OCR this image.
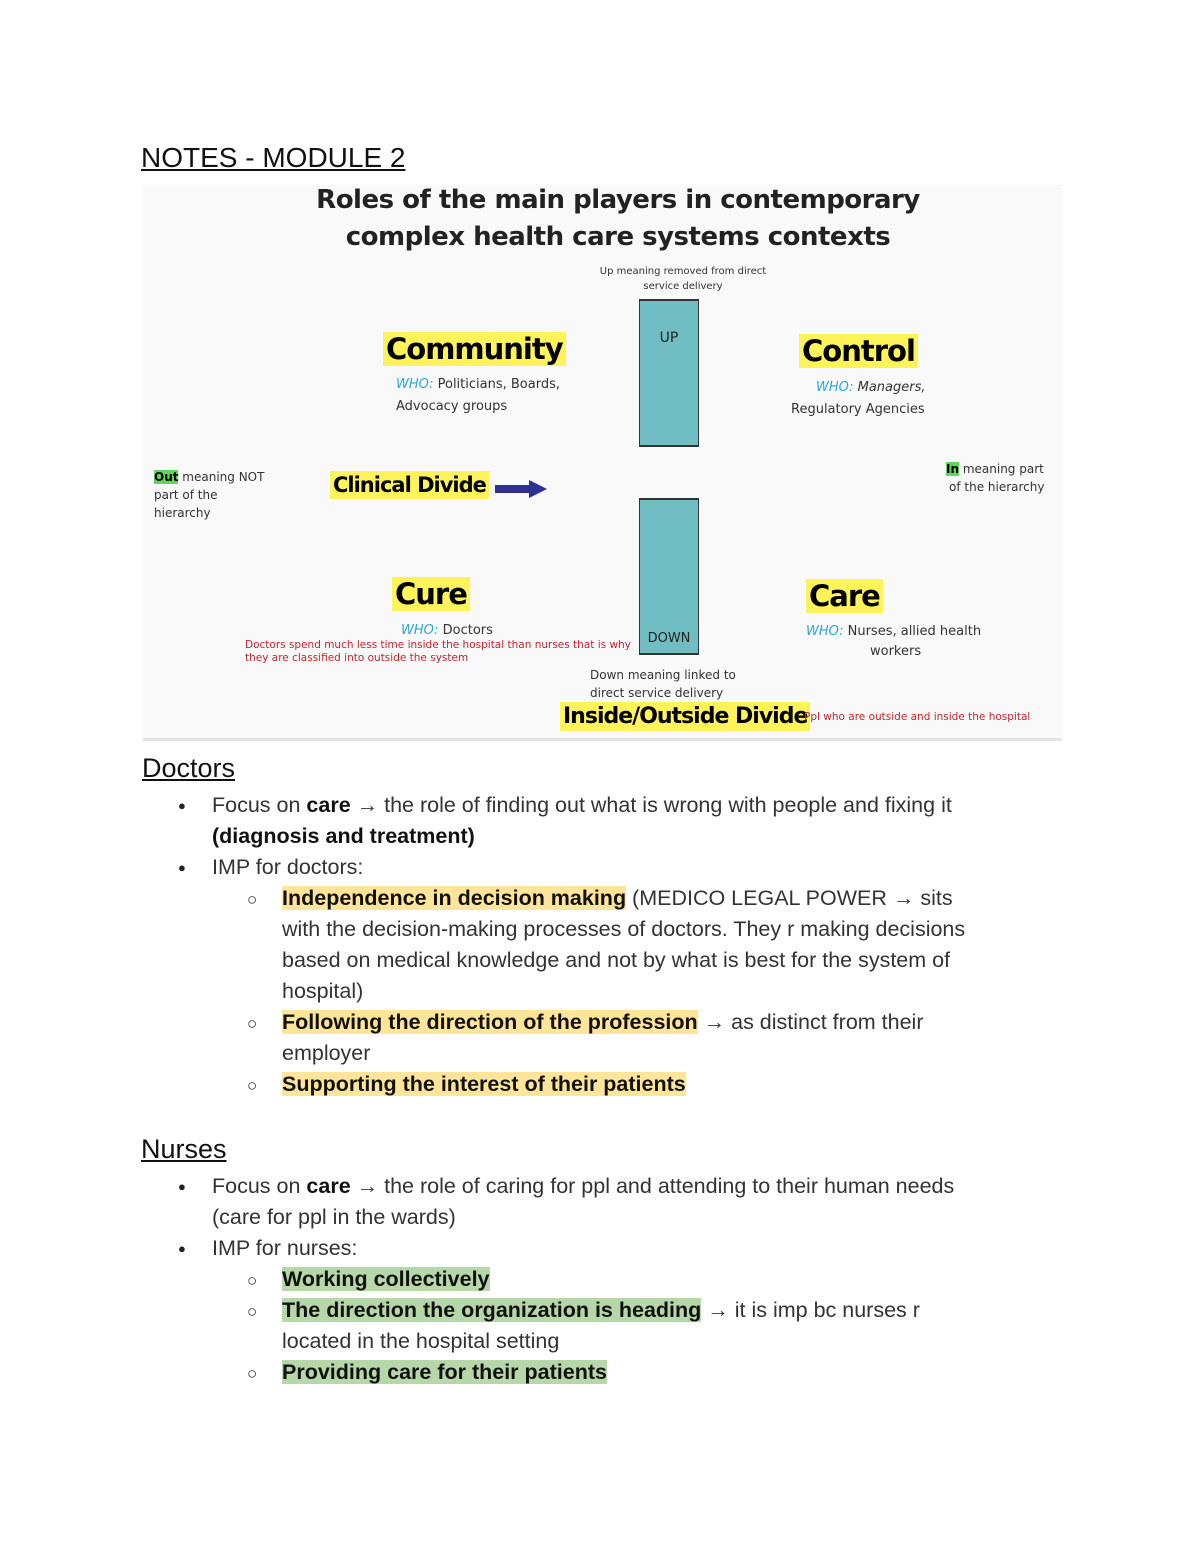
NOTES - MODULE 2
Roles of the main players in contemporary
complex health care systems contexts
Up meaning removed from direct
service delivery
UP
DOWN
Down meaning linked to
direct service delivery
Community
WHO: Politicians, Boards,
Advocacy groups
Control
WHO: Managers,
Regulatory Agencies
Out meaning NOT
part of the
hierarchy
Clinical Divide
In meaning part
of the hierarchy
Cure
WHO: Doctors
Doctors spend much less time inside the hospital than nurses that is why
they are classified into outside the system
Care
WHO: Nurses, allied health
workers
Inside/Outside Divide
Ppl who are outside and inside the hospital
Doctors
● Focus on care → the role of finding out what is wrong with people and fixing it
(diagnosis and treatment)
● IMP for doctors:
○ Independence in decision making (MEDICO LEGAL POWER → sits
with the decision-making processes of doctors. They r making decisions
based on medical knowledge and not by what is best for the system of
hospital)
○ Following the direction of the profession → as distinct from their
employer
○ Supporting the interest of their patients
Nurses
● Focus on care → the role of caring for ppl and attending to their human needs
(care for ppl in the wards)
● IMP for nurses:
○ Working collectively
○ The direction the organization is heading → it is imp bc nurses r
located in the hospital setting
○ Providing care for their patients
